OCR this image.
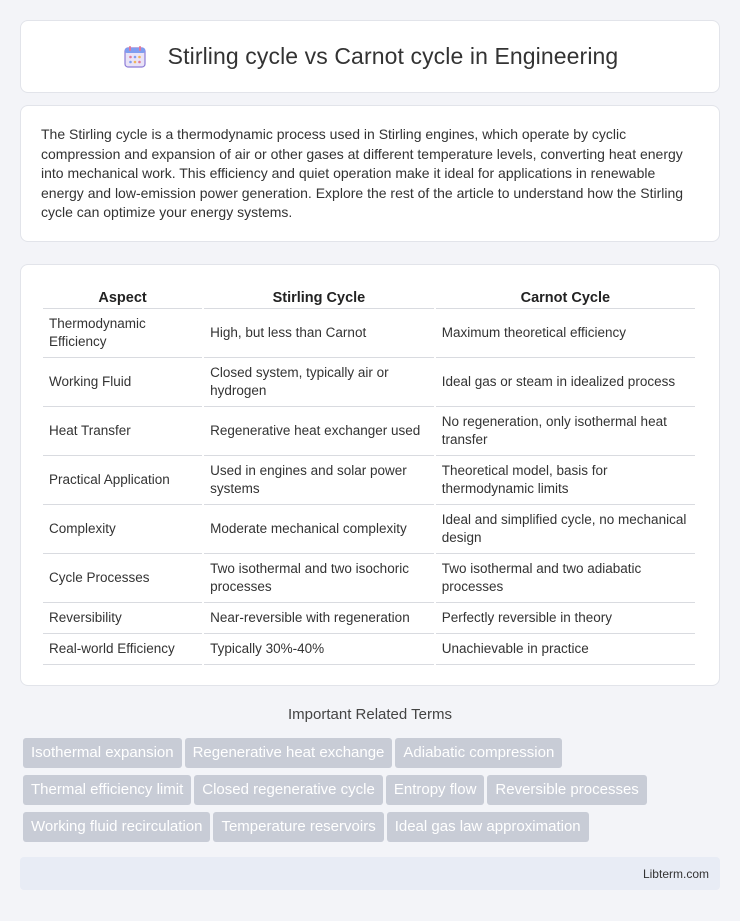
Stirling cycle vs Carnot cycle in Engineering

The Stirling cycle is a thermodynamic process used in Stirling engines, which operate by cyclic compression and expansion of air or other gases at different temperature levels, converting heat energy into mechanical work. This efficiency and quiet operation make it ideal for applications in renewable energy and low-emission power generation. Explore the rest of the article to understand how the Stirling cycle can optimize your energy systems.

Aspect	Stirling Cycle	Carnot Cycle
Thermodynamic Efficiency	High, but less than Carnot	Maximum theoretical efficiency
Working Fluid	Closed system, typically air or hydrogen	Ideal gas or steam in idealized process
Heat Transfer	Regenerative heat exchanger used	No regeneration, only isothermal heat transfer
Practical Application	Used in engines and solar power systems	Theoretical model, basis for thermodynamic limits
Complexity	Moderate mechanical complexity	Ideal and simplified cycle, no mechanical design
Cycle Processes	Two isothermal and two isochoric processes	Two isothermal and two adiabatic processes
Reversibility	Near-reversible with regeneration	Perfectly reversible in theory
Real-world Efficiency	Typically 30%-40%	Unachievable in practice
Important Related Terms
Isothermal expansion Regenerative heat exchange Adiabatic compression
Thermal efficiency limit Closed regenerative cycle Entropy flow Reversible processes
Working fluid recirculation Temperature reservoirs Ideal gas law approximation
Libterm.com
